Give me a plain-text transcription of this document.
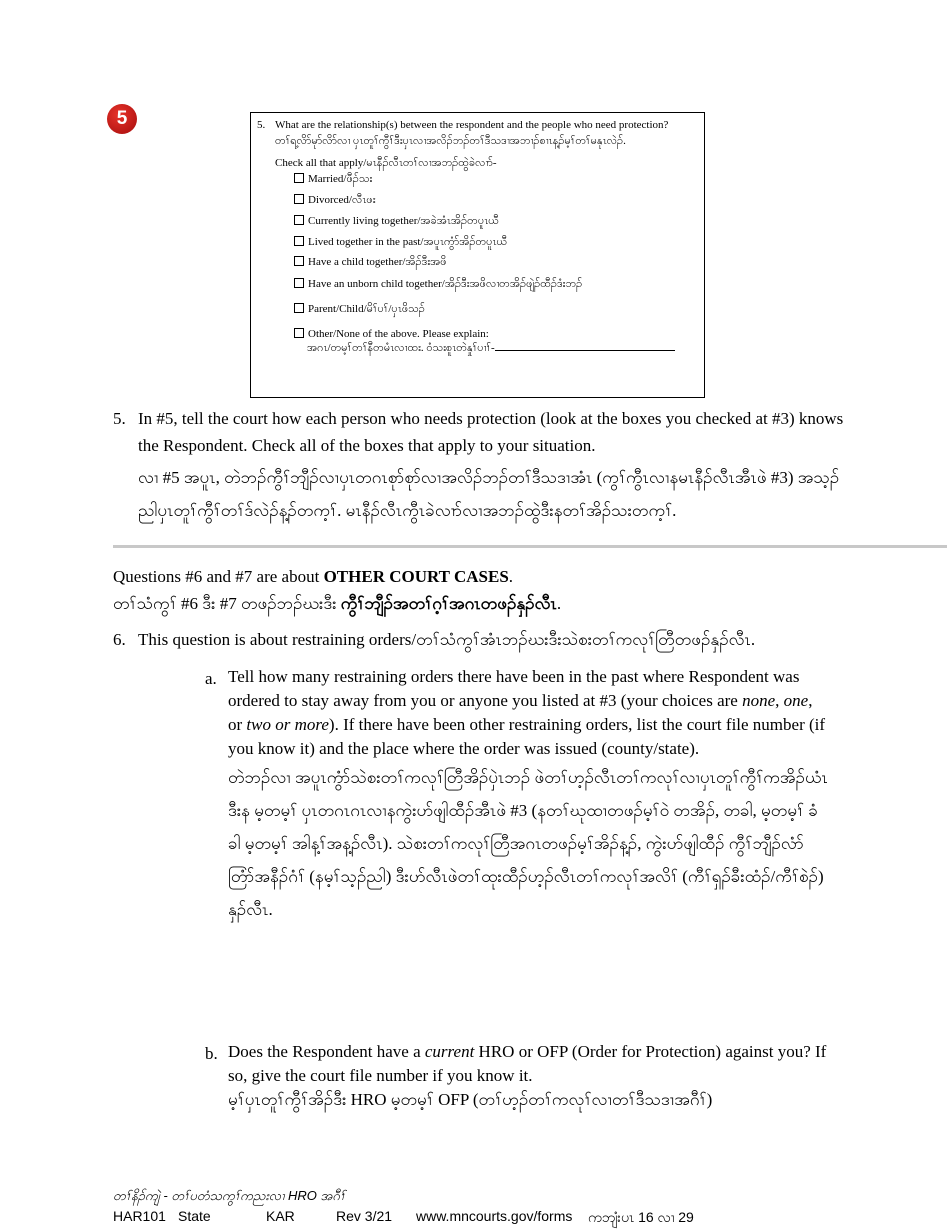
5	5. What are the relationship(s) between the respondent and the people who need protection?
တၢ်ရ့လိာ်မုာ်လိာ်လၢ ပှၤတူၢ်ကွီၢ်ဒီးပှၤလၢအလိၣ်ဘၣ်တၢ်ဒီသဒၢအဘၢၣ်စၢၤန့ၣ်မ့ၢ်တၢ်မနုၤလဲၣ်.
Check all that apply/မၤနီၣ်လီၤတၢ်လၢအဘၣ်ထွဲခဲလၢာ်-
Married/ဖီၣ်သး
Divorced/လီၤဖး
Currently living together/အခဲအံၤအိၣ်တပူၤယီ
Lived together in the past/အပူၤကွံာ်အိၣ်တပူၤယီ
Have a child together/အိၣ်ဒီးအဖိ
Have an unborn child together/အိၣ်ဒီးအဖိလၢတအိၣ်ဖျဲၣ်ထီၣ်ဒံးဘၣ်
Parent/Child/မိၢ်ပၢ်/ပှၤဖိသၣ်
Other/None of the above. Please explain:
အဂၤ/တမ့ၢ်တၢ်နီတမံၤလၢထး. ဝံသးစူၤတဲနှုၢ်ပၢၢ်-
5. In #5, tell the court how each person who needs protection (look at the boxes you checked at #3) knows the Respondent. Check all of the boxes that apply to your situation.
လၢ #5 အပူၤ, တဲဘၣ်ကွီၢ်ဘျီၣ်လၢပှၤတဂၤစုာ်စုာ်လၢအလိၣ်ဘၣ်တၢ်ဒီသဒၢအံၤ (ကွၢ်ကွီၤလၢနမၤနီၣ်လီၤအီၤဖဲ #3) အသ့ၣ်ညါပှၤတူၢ်ကွီၢ်တၢ်ဒ်လဲၣ်န့ၣ်တက့ၢ်. မၤနီၣ်လီၤကွီၤခဲလၢာ်လၢအဘၣ်ထွဲဒီးနတၢ်အိၣ်သးတက့ၢ်.
Questions #6 and #7 are about OTHER COURT CASES.
တၢ်သံကွၢ် #6 ဒီး #7 တဖၣ်ဘၣ်ဃးဒီး ကွီၢ်ဘျီၣ်အတၢ်ဂ့ၢ်အဂၤတဖၣ်နှၣ်လီၤ.
6. This question is about restraining orders/တၢ်သံကွၢ်အံၤဘၣ်ဃးဒီးသဲစးတၢ်ကလုၢ်တြီတဖၣ်နှၣ်လီၤ.
a. Tell how many restraining orders there have been in the past where Respondent was ordered to stay away from you or anyone you listed at #3 (your choices are none, one, or two or more). If there have been other restraining orders, list the court file number (if you know it) and the place where the order was issued (county/state).
တဲဘၣ်လၢ အပူၤကွံာ်သဲစးတၢ်ကလုၢ်တြီအိၣ်ပှဲၤဘၣ် ဖဲတၢ်ဟ့ၣ်လီၤတၢ်ကလုၢ်လၢပှၤတူၢ်ကွီၢ်ကအိၣ်ယံၤဒီးန မ့တမ့ၢ် ပှၤတဂၤဂၤလၢနကွဲးဟ်ဖျါထီၣ်အီၤဖဲ #3 (နတၢ်ဃုထၢတဖၣ်မ့ၢ်ဝဲ တအိၣ်, တခါ, မ့တမ့ၢ် ခံခါ မ့တမ့ၢ် အါန့ၢ်အန့ၣ်လီၤ). သဲစးတၢ်ကလုၢ်တြီအဂၤတဖၣ်မ့ၢ်အိၣ်န့ၣ်, ကွဲးဟ်ဖျါထီၣ် ကွီၢ်ဘျီၣ်လံာ်တြံာ်အနီၣ်ဂံၢ် (နမ့ၢ်သ့ၣ်ညါ) ဒီးဟ်လီၤဖဲတၢ်ထုးထီၣ်ဟ့ၣ်လီၤတၢ်ကလုၢ်အလိၢ် (ကီၢ်ရှၣ်ခီးထံၣ်/ကီၢ်စဲၣ်) နှၣ်လီၤ.
b. Does the Respondent have a current HRO or OFP (Order for Protection) against you? If so, give the court file number if you know it.
မ့ၢ်ပှၤတူၢ်ကွီၢ်အိၣ်ဒီး HRO မ့တမ့ၢ် OFP (တၢ်ဟ့ၣ်တၢ်ကလုၢ်လၢတၢ်ဒီသဒၢအဂီၢ်)
တၢ်နိၣ်ကျဲ - တၢ်ပတံသကွၢ်ကညးလၢ HRO အဂီၢ်
HAR101 State	KAR	Rev 3/21 www.mncourts.gov/forms ကဘျံးပၤ 16 လၢ 29
